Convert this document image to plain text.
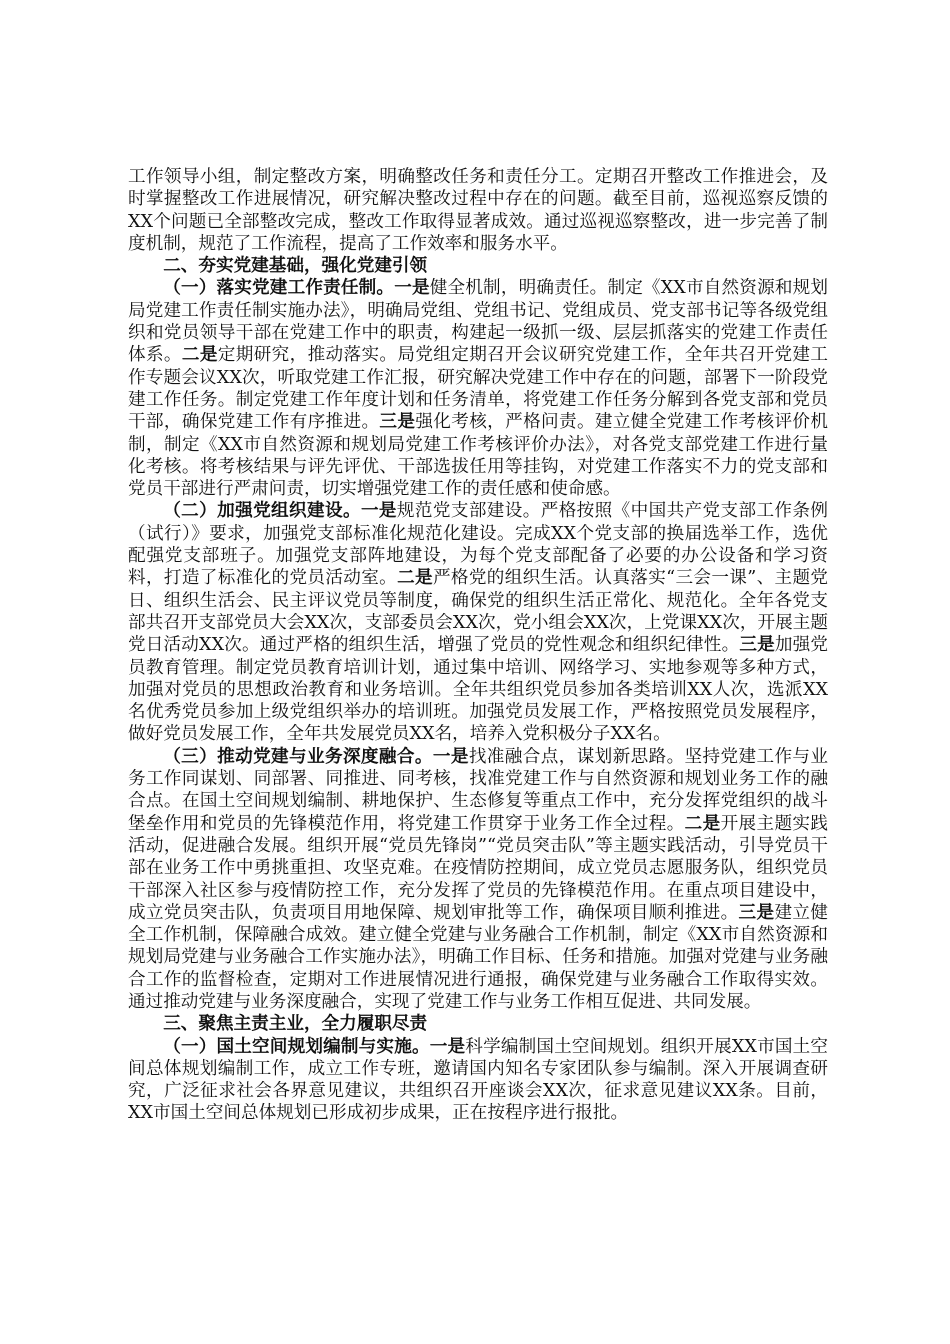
工作领导小组，制定整改方案，明确整改任务和责任分工。定期召开整改工作推进会，及时掌握整改工作进展情况，研究解决整改过程中存在的问题。截至目前，巡视巡察反馈的XX个问题已全部整改完成，整改工作取得显著成效。通过巡视巡察整改，进一步完善了制度机制，规范了工作流程，提高了工作效率和服务水平。

二、夯实党建基础，强化党建引领

（一）落实党建工作责任制。一是健全机制，明确责任。制定《XX市自然资源和规划局党建工作责任制实施办法》，明确局党组、党组书记、党组成员、党支部书记等各级党组织和党员领导干部在党建工作中的职责，构建起一级抓一级、层层抓落实的党建工作责任体系。二是定期研究，推动落实。局党组定期召开会议研究党建工作，全年共召开党建工作专题会议XX次，听取党建工作汇报，研究解决党建工作中存在的问题，部署下一阶段党建工作任务。制定党建工作年度计划和任务清单，将党建工作任务分解到各党支部和党员干部，确保党建工作有序推进。三是强化考核，严格问责。建立健全党建工作考核评价机制，制定《XX市自然资源和规划局党建工作考核评价办法》，对各党支部党建工作进行量化考核。将考核结果与评先评优、干部选拔任用等挂钩，对党建工作落实不力的党支部和党员干部进行严肃问责，切实增强党建工作的责任感和使命感。

（二）加强党组织建设。一是规范党支部建设。严格按照《中国共产党支部工作条例（试行）》要求，加强党支部标准化规范化建设。完成XX个党支部的换届选举工作，选优配强党支部班子。加强党支部阵地建设，为每个党支部配备了必要的办公设备和学习资料，打造了标准化的党员活动室。二是严格党的组织生活。认真落实“三会一课”、主题党日、组织生活会、民主评议党员等制度，确保党的组织生活正常化、规范化。全年各党支部共召开支部党员大会XX次，支部委员会XX次，党小组会XX次，上党课XX次，开展主题党日活动XX次。通过严格的组织生活，增强了党员的党性观念和组织纪律性。三是加强党员教育管理。制定党员教育培训计划，通过集中培训、网络学习、实地参观等多种方式，加强对党员的思想政治教育和业务培训。全年共组织党员参加各类培训XX人次，选派XX名优秀党员参加上级党组织举办的培训班。加强党员发展工作，严格按照党员发展程序，做好党员发展工作，全年共发展党员XX名，培养入党积极分子XX名。

（三）推动党建与业务深度融合。一是找准融合点，谋划新思路。坚持党建工作与业务工作同谋划、同部署、同推进、同考核，找准党建工作与自然资源和规划业务工作的融合点。在国土空间规划编制、耕地保护、生态修复等重点工作中，充分发挥党组织的战斗堡垒作用和党员的先锋模范作用，将党建工作贯穿于业务工作全过程。二是开展主题实践活动，促进融合发展。组织开展“党员先锋岗”“党员突击队”等主题实践活动，引导党员干部在业务工作中勇挑重担、攻坚克难。在疫情防控期间，成立党员志愿服务队，组织党员干部深入社区参与疫情防控工作，充分发挥了党员的先锋模范作用。在重点项目建设中，成立党员突击队，负责项目用地保障、规划审批等工作，确保项目顺利推进。三是建立健全工作机制，保障融合成效。建立健全党建与业务融合工作机制，制定《XX市自然资源和规划局党建与业务融合工作实施办法》，明确工作目标、任务和措施。加强对党建与业务融合工作的监督检查，定期对工作进展情况进行通报，确保党建与业务融合工作取得实效。通过推动党建与业务深度融合，实现了党建工作与业务工作相互促进、共同发展。

三、聚焦主责主业，全力履职尽责

（一）国土空间规划编制与实施。一是科学编制国土空间规划。组织开展XX市国土空间总体规划编制工作，成立工作专班，邀请国内知名专家团队参与编制。深入开展调查研究，广泛征求社会各界意见建议，共组织召开座谈会XX次，征求意见建议XX条。目前，XX市国土空间总体规划已形成初步成果，正在按程序进行报批。
